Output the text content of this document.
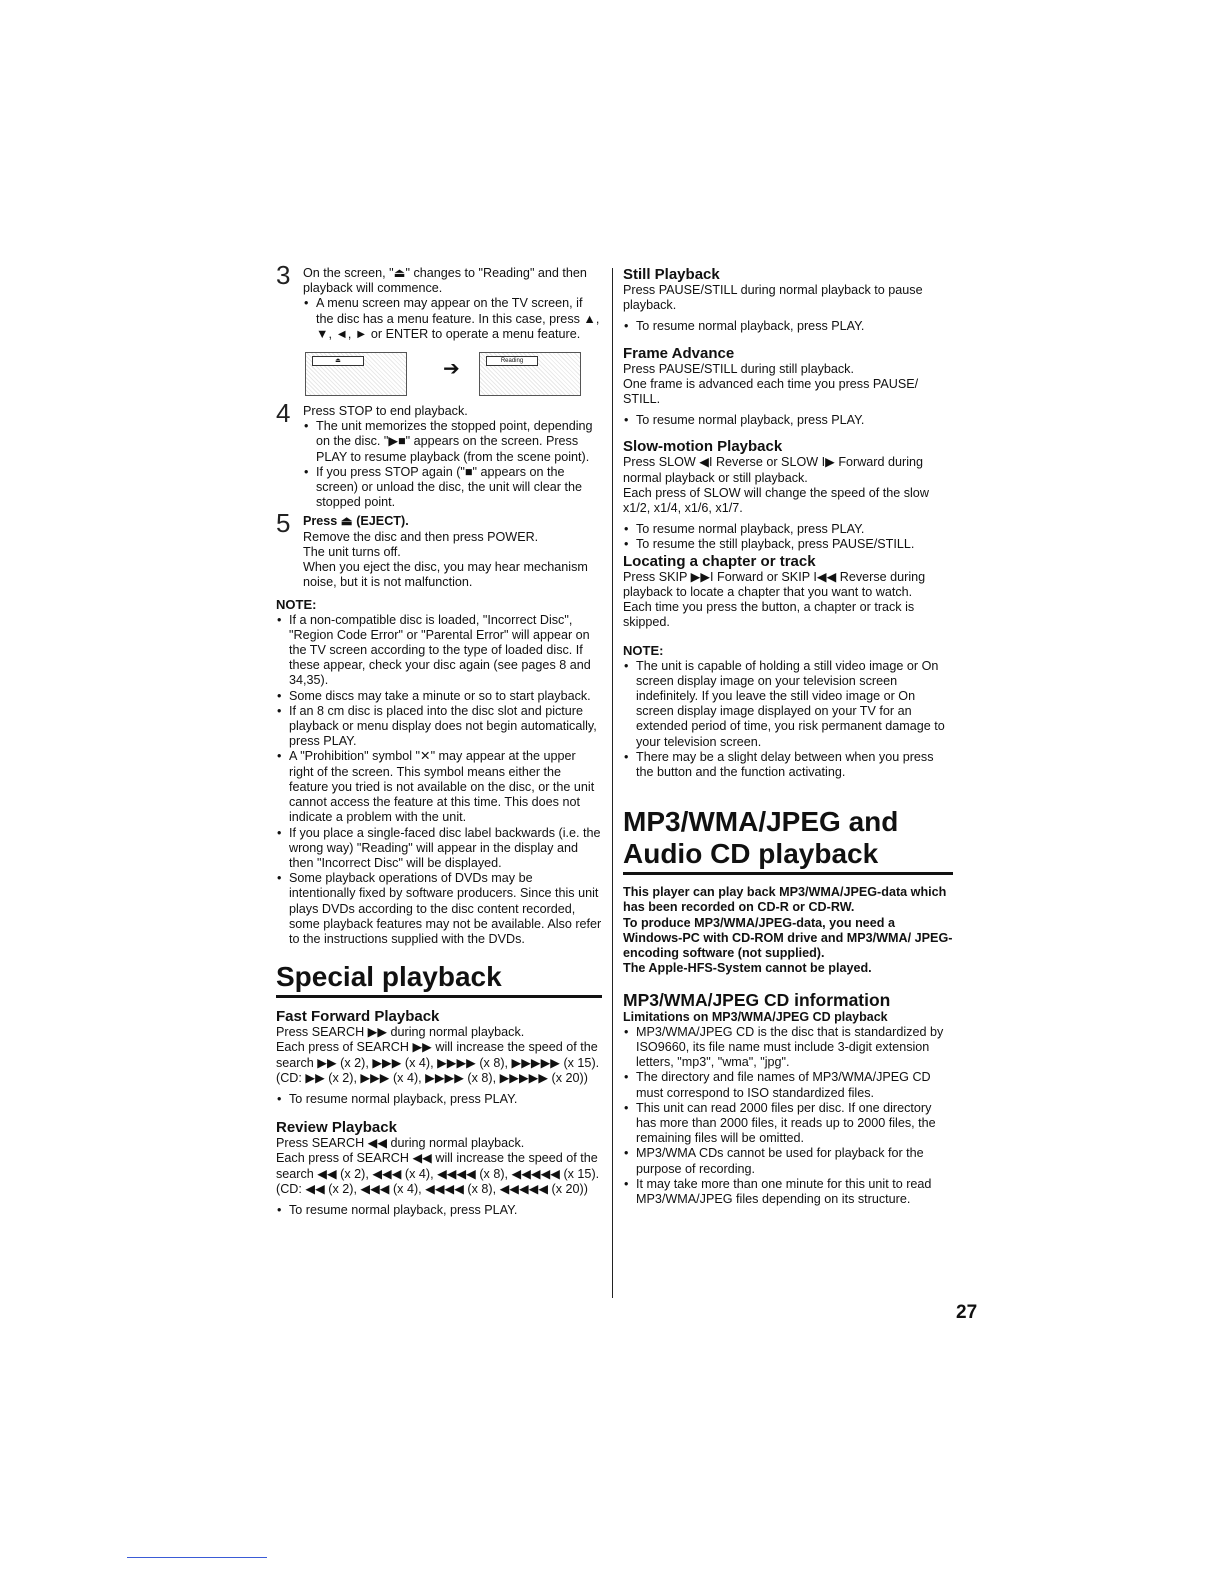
3 On the screen, "⏏" changes to "Reading" and then playback will commence.
• A menu screen may appear on the TV screen, if the disc has a menu feature. In this case, press ▲, ▼, ◄, ► or ENTER to operate a menu feature.
⏏	➔	Reading
4 Press STOP to end playback.
• The unit memorizes the stopped point, depending on the disc. "▶■" appears on the screen. Press PLAY to resume playback (from the scene point).
• If you press STOP again ("■" appears on the screen) or unload the disc, the unit will clear the stopped point.
5 Press ⏏ (EJECT).
Remove the disc and then press POWER.
The unit turns off.
When you eject the disc, you may hear mechanism noise, but it is not malfunction.
NOTE:
• If a non-compatible disc is loaded, "Incorrect Disc", "Region Code Error" or "Parental Error" will appear on the TV screen according to the type of loaded disc. If these appear, check your disc again (see pages 8 and 34,35).
• Some discs may take a minute or so to start playback.
• If an 8 cm disc is placed into the disc slot and picture playback or menu display does not begin automatically, press PLAY.
• A "Prohibition" symbol "✕" may appear at the upper right of the screen. This symbol means either the feature you tried is not available on the disc, or the unit cannot access the feature at this time. This does not indicate a problem with the unit.
• If you place a single-faced disc label backwards (i.e. the wrong way) "Reading" will appear in the display and then "Incorrect Disc" will be displayed.
• Some playback operations of DVDs may be intentionally fixed by software producers. Since this unit plays DVDs according to the disc content recorded, some playback features may not be available. Also refer to the instructions supplied with the DVDs.
Special playback
Fast Forward Playback
Press SEARCH ▶▶ during normal playback.
Each press of SEARCH ▶▶ will increase the speed of the search ▶▶ (x 2), ▶▶▶ (x 4), ▶▶▶▶ (x 8), ▶▶▶▶▶ (x 15).
(CD: ▶▶ (x 2), ▶▶▶ (x 4), ▶▶▶▶ (x 8), ▶▶▶▶▶ (x 20))
• To resume normal playback, press PLAY.
Review Playback
Press SEARCH ◀◀ during normal playback.
Each press of SEARCH ◀◀ will increase the speed of the search ◀◀ (x 2), ◀◀◀ (x 4), ◀◀◀◀ (x 8), ◀◀◀◀◀ (x 15).
(CD: ◀◀ (x 2), ◀◀◀ (x 4), ◀◀◀◀ (x 8), ◀◀◀◀◀ (x 20))
• To resume normal playback, press PLAY.
Still Playback
Press PAUSE/STILL during normal playback to pause playback.
• To resume normal playback, press PLAY.
Frame Advance
Press PAUSE/STILL during still playback.
One frame is advanced each time you press PAUSE/ STILL.
• To resume normal playback, press PLAY.
Slow-motion Playback
Press SLOW ◀I Reverse or SLOW I▶ Forward during normal playback or still playback.
Each press of SLOW will change the speed of the slow x1/2, x1/4, x1/6, x1/7.
• To resume normal playback, press PLAY.
• To resume the still playback, press PAUSE/STILL.
Locating a chapter or track
Press SKIP ▶▶I Forward or SKIP I◀◀ Reverse during playback to locate a chapter that you want to watch.
Each time you press the button, a chapter or track is skipped.
NOTE:
• The unit is capable of holding a still video image or On screen display image on your television screen indefinitely. If you leave the still video image or On screen display image displayed on your TV for an extended period of time, you risk permanent damage to your television screen.
• There may be a slight delay between when you press the button and the function activating.
MP3/WMA/JPEG and
Audio CD playback
This player can play back MP3/WMA/JPEG-data which has been recorded on CD-R or CD-RW.
To produce MP3/WMA/JPEG-data, you need a Windows-PC with CD-ROM drive and MP3/WMA/ JPEG-encoding software (not supplied).
The Apple-HFS-System cannot be played.
MP3/WMA/JPEG CD information
Limitations on MP3/WMA/JPEG CD playback
• MP3/WMA/JPEG CD is the disc that is standardized by ISO9660, its file name must include 3-digit extension letters, "mp3", "wma", "jpg".
• The directory and file names of MP3/WMA/JPEG CD must correspond to ISO standardized files.
• This unit can read 2000 files per disc. If one directory has more than 2000 files, it reads up to 2000 files, the remaining files will be omitted.
• MP3/WMA CDs cannot be used for playback for the purpose of recording.
• It may take more than one minute for this unit to read MP3/WMA/JPEG files depending on its structure.
27
